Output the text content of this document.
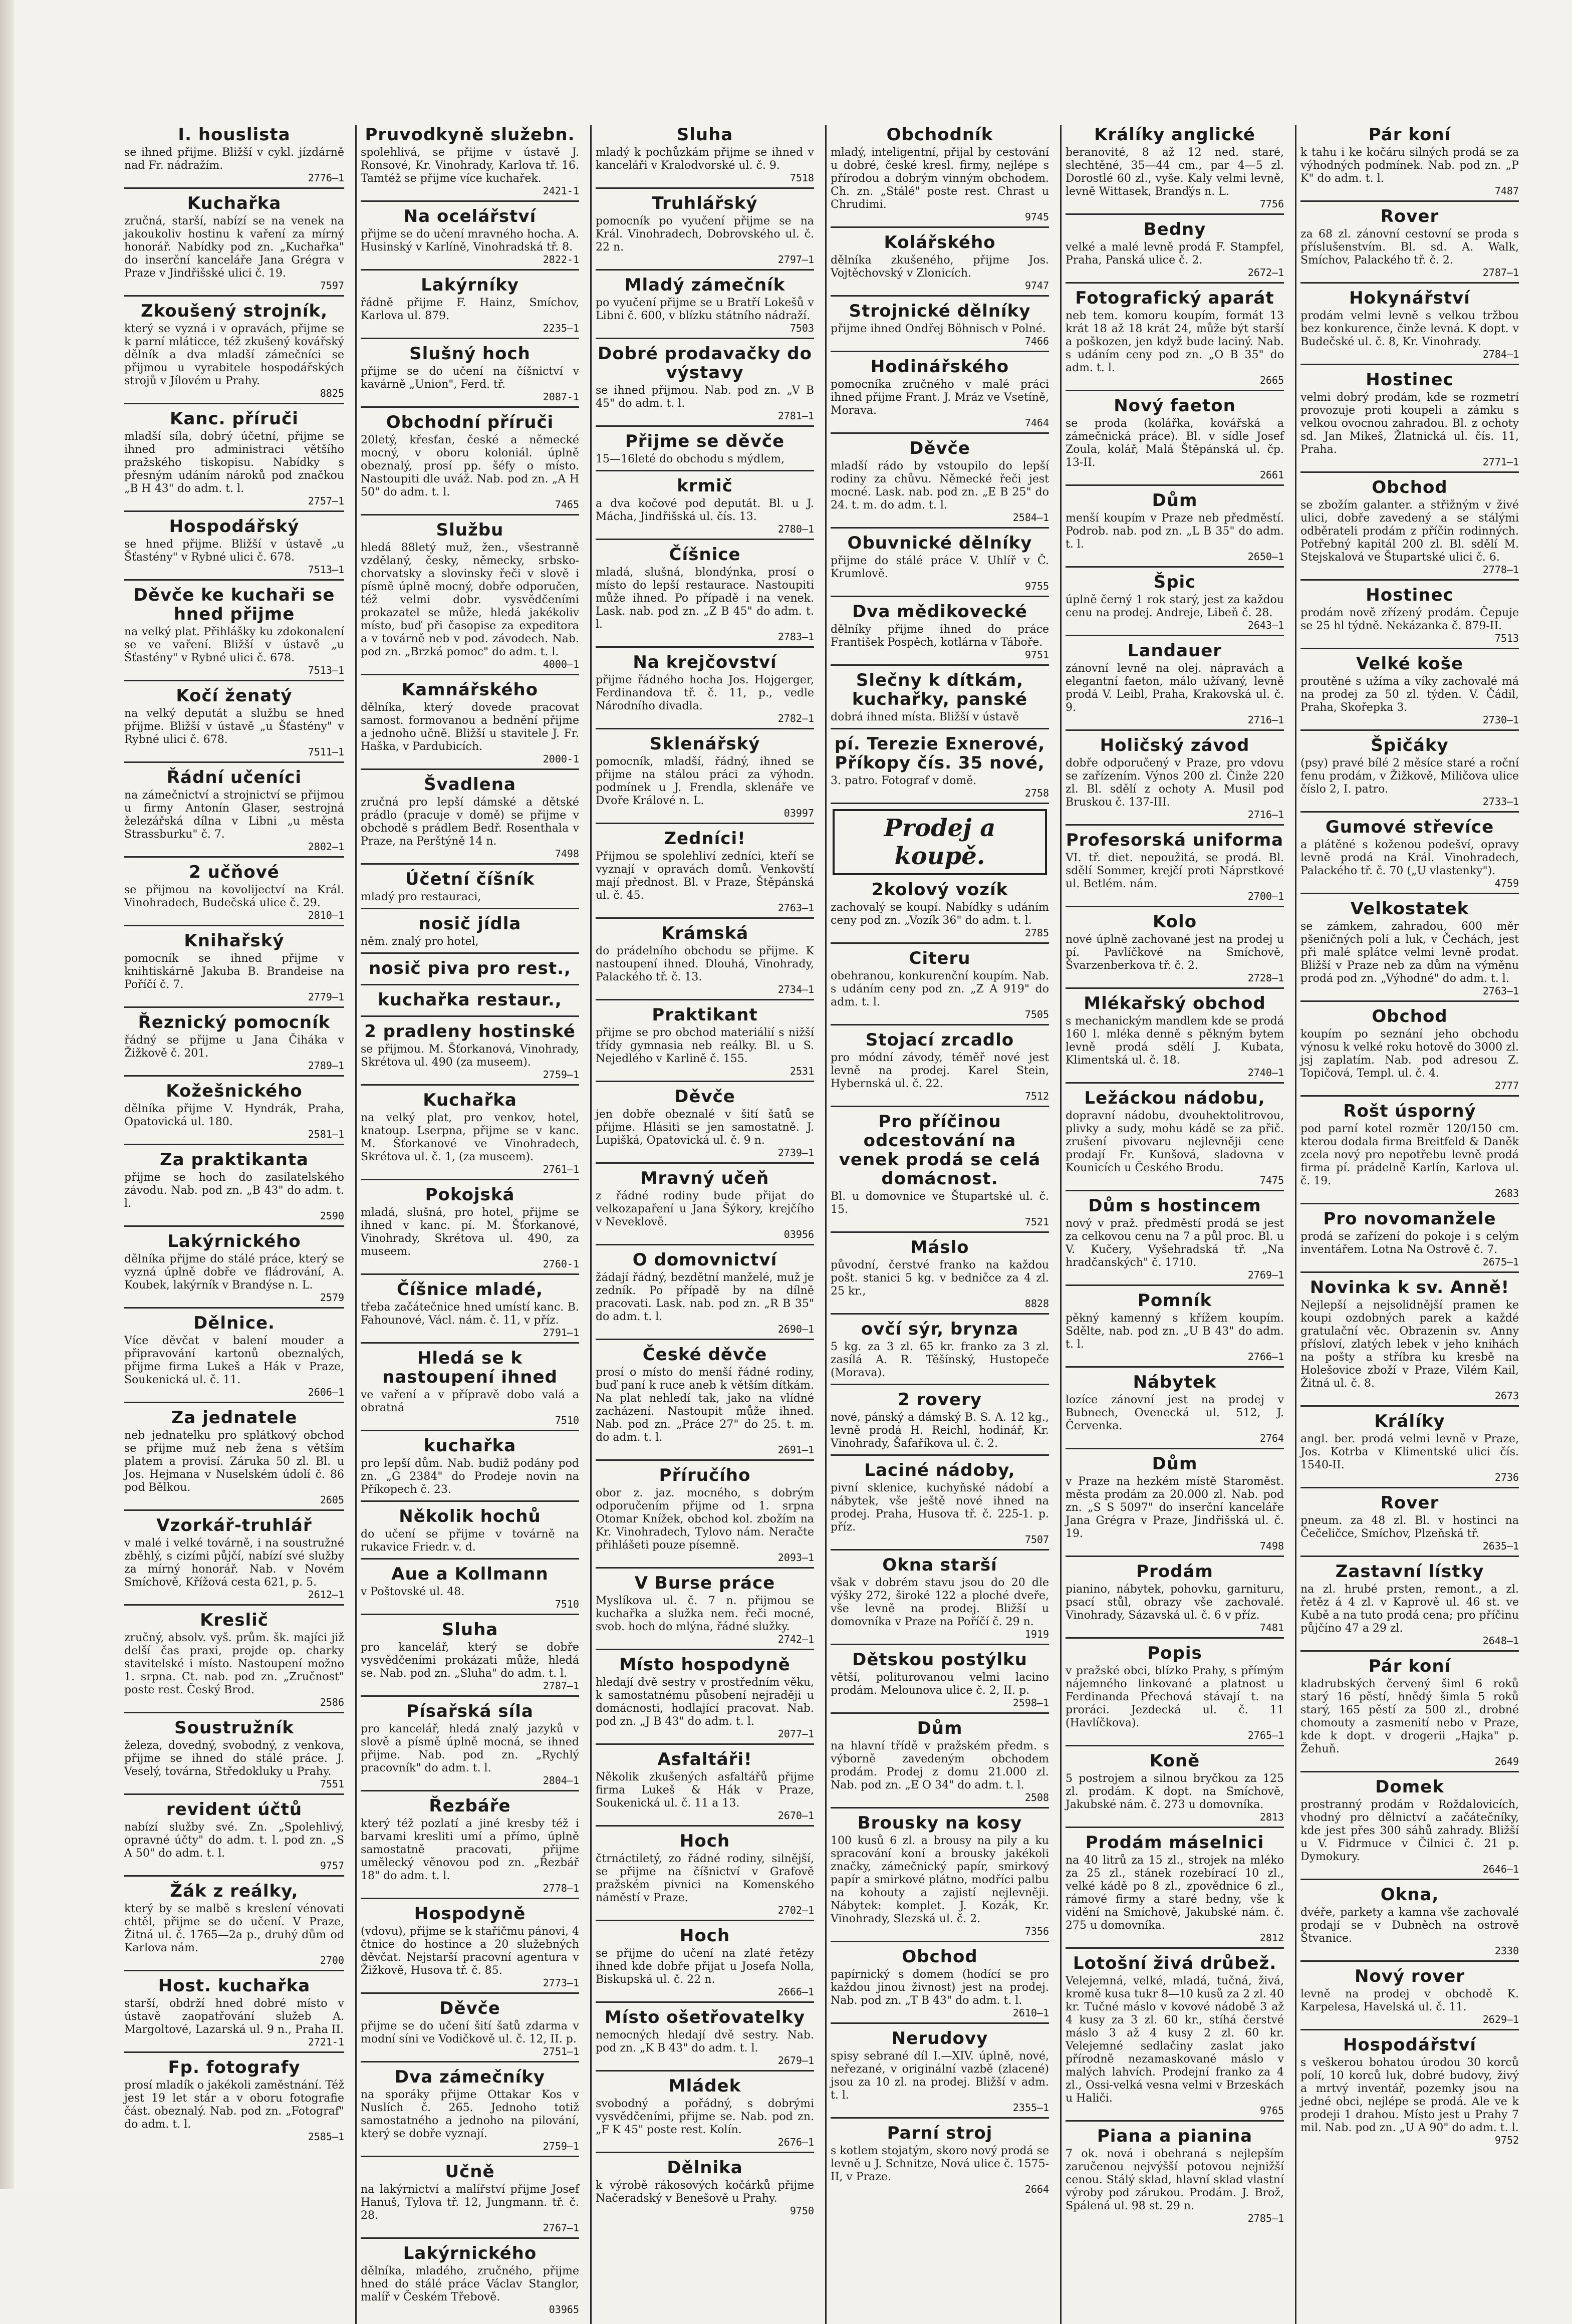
I. houslista

se ihned přijme. Bližší v cykl. jízdárně nad Fr. nádražím.

2776—1
Kuchařka

zručná, starší, nabízí se na venek na jakoukoliv hostinu k vaření za mírný honorář. Nabídky pod zn. „Kuchařka" do inserční kanceláře Jana Grégra v Praze v Jindřišské ulici č. 19.

7597
Zkoušený strojník,

který se vyzná i v opravách, přijme se k parní mláticce, též zkušený kovářský dělník a dva mladší zámečníci se přijmou u vyrabitele hospodářských strojů v Jílovém u Prahy.

8825
Kanc. příruči

mladší síla, dobrý účetní, přijme se ihned pro administraci většího pražského tiskopisu. Nabídky s přesným udáním nároků pod značkou „B H 43" do adm. t. l.

2757—1
Hospodářský

se hned přijme. Bližší v ústavě „u Šťastény" v Rybné ulici č. 678.

7513—1
Děvče ke kuchaři se hned přijme

na velký plat. Přihlášky ku zdokonalení se ve vaření. Bližší v ústavě „u Šťastény" v Rybné ulici č. 678.

7513—1
Kočí ženatý

na velký deputát a službu se hned přijme. Bližší v ústavě „u Šťastény" v Rybné ulici č. 678.

7511—1
Řádní učeníci

na zámečnictví a strojnictví se přijmou u firmy Antonín Glaser, sestrojná železářská dílna v Libni „u města Strassburku" č. 7.

2802—1
2 učňové

se přijmou na kovolijectví na Král. Vinohradech, Budečská ulice č. 29.

2810—1
Knihařský

pomocník se ihned přijme v knihtiskárně Jakuba B. Brandeise na Poříčí č. 7.

2779—1
Řeznický pomocník

řádný se přijme u Jana Čiháka v Žižkově č. 201.

2789—1
Kožešnického

dělníka přijme V. Hyndrák, Praha, Opatovická ul. 180.

2581—1
Za praktikanta

přijme se hoch do zasilatelského závodu. Nab. pod zn. „B 43" do adm. t. l.

2590
Lakýrnického

dělníka přijme do stálé práce, který se vyzná úplně dobře ve fládrování, A. Koubek, lakýrník v Brandýse n. L.

2579
Dělnice.

Více děvčat v balení mouder a připravování kartonů obeznalých, přijme firma Lukeš a Hák v Praze, Soukenická ul. č. 11.

2606—1
Za jednatele

neb jednatelku pro splátkový obchod se přijme muž neb žena s větším platem a provisí. Záruka 50 zl. Bl. u Jos. Hejmana v Nuselském údolí č. 86 pod Bělkou.

2605
Vzorkář-truhlář

v malé i velké továrně, i na soustružné zběhlý, s cizími půjčí, nabízí své služby za mírný honorář. Nab. v Novém Smíchově, Křížová cesta 621, p. 5.

2612—1
Kreslič

zručný, absolv. vyš. prům. šk. majíci již delší čas praxi, projde op. charky stavitelské i místo. Nastoupení možno 1. srpna. Ct. nab. pod zn. „Zručnost" poste rest. Český Brod.

2586
Soustružník

železa, dovedný, svobodný, z venkova, přijme se ihned do stálé práce. J. Veselý, továrna, Středokluky u Prahy.

7551
revident účtů

nabízí služby své. Zn. „Spolehlivý, opravné účty" do adm. t. l. pod zn. „S A 50" do adm. t. l.

9757
Žák z reálky,

který by se malbě s kreslení vénovati chtěl, přijme se do učení. V Praze, Žitná ul. č. 1765—2a p., druhý dům od Karlova nám.

2700
Host. kuchařka

starší, obdrží hned dobré místo v ústavě zaopatřování služeb A. Margoltové, Lazarská ul. 9 n., Praha II.

2721-1
Fp. fotografy

prosí mladík o jakékoli zaměstnání. Též jest 19 let stár a v oboru fotografie část. obeznalý. Nab. pod zn. „Fotograf" do adm. t. l.

2585—1
Pruvodkyně služebn.

spolehlivá, se přijme v ústavě J. Ronsové, Kr. Vinohrady, Karlova tř. 16. Tamtéž se přijme více kuchařek.

2421-1
Na ocelářství

přijme se do učení mravného hocha. A. Husinský v Karlíně, Vinohradská tř. 8.

2822-1
Lakýrníky

řádně přijme F. Hainz, Smíchov, Karlova ul. 879.

2235—1
Slušný hoch

přijme se do učení na číšnictví v kavárně „Union", Ferd. tř.

2087-1
Obchodní příruči

20letý, křesťan, české a německé mocný, v oboru koloniál. úplně obeznalý, prosí pp. šéfy o místo. Nastoupiti dle uváž. Nab. pod zn. „A H 50" do adm. t. l.

7465
Službu

hledá 88letý muž, žen., všestranně vzdělaný, česky, německy, srbsko-chorvatsky a slovinsky řeči v slově i písmě úplně mocný, dobře odporučen, též velmi dobr. vysvědčeními prokazatel se může, hledá jakékoliv místo, buď při časopise za expeditora a v továrně neb v pod. závodech. Nab. pod zn. „Brzká pomoc" do adm. t. l.

4000—1
Kamnářského

dělníka, který dovede pracovat samost. formovanou a bednění přijme a jednoho učně. Bližší u stavitele J. Fr. Haška, v Pardubicích.

2000-1
Švadlena

zručná pro lepší dámské a dětské prádlo (pracuje v domě) se přijme v obchodě s prádlem Bedř. Rosenthala v Praze, na Perštýně 14 n.

7498
Účetní číšník

mladý pro restauraci,

nosič jídla

něm. znalý pro hotel,

nosič piva pro rest.,
kuchařka restaur.,
2 pradleny hostinské

se přijmou. M. Šťorkanová, Vinohrady, Skrétova ul. 490 (za museem).

2759—1
Kuchařka

na velký plat, pro venkov, hotel, knatoup. Lserpna, přijme se v kanc. M. Šťorkanové ve Vinohradech, Skrétova ul. č. 1, (za museem).

2761—1
Pokojská

mladá, slušná, pro hotel, přijme se ihned v kanc. pí. M. Šťorkanové, Vinohrady, Skrétova ul. 490, za museem.

2760-1
Číšnice mladé,

třeba začátečnice hned umístí kanc. B. Fahounové, Václ. nám. č. 11, v příz.

2791—1
Hledá se k nastoupení ihned

ve vaření a v přípravě dobo valá a obratná

7510
kuchařka

pro lepší dům. Nab. budiž podány pod zn. „G 2384" do Prodeje novin na Příkopech č. 23.

Několik hochů

do učení se přijme v továrně na rukavice Friedr. v. d.

Aue a Kollmann

v Poštovské ul. 48.

7510
Sluha

pro kancelář, který se dobře vysvědčeními prokázati může, hledá se. Nab. pod zn. „Sluha" do adm. t. l.

2787—1
Písařská síla

pro kancelář, hledá znalý jazyků v slově a písmě úplně mocná, se ihned přijme. Nab. pod zn. „Rychlý pracovník" do adm. t. l.

2804—1
Řezbáře

který též pozlatí a jiné kresby též i barvami kresliti umí a přímo, úplně samostatně pracovati, přijme umělecký věnovou pod zn. „Řezbář 18" do adm. t. l.

2778—1
Hospodyně

(vdovu), přijme se k stařičmu pánovi, 4 čtnice do hostince a 20 služebných děvčat. Nejstarší pracovní agentura v Žižkově, Husova tř. č. 85.

2773—1
Děvče

přijme se do učení šití šatů zdarma v modní síni ve Vodičkově ul. č. 12, II. p.

2751—1
Dva zámečníky

na sporáky přijme Ottakar Kos v Nuslích č. 265. Jednoho totiž samostatného a jednoho na pilování, který se dobře vyznají.

2759—1
Učně

na lakýrnictví a malířství přijme Josef Hanuš, Tylova tř. 12, Jungmann. tř. č. 28.

2767—1
Lakýrnického

dělníka, mladého, zručného, přijme hned do stálé práce Václav Stanglor, malíř v Českém Třebově.

03965
Sluha

mladý k pochůzkám přijme se ihned v kanceláři v Kralodvorské ul. č. 9.

7518
Truhlářský

pomocník po vyučení přijme se na Král. Vinohradech, Dobrovského ul. č. 22 n.

2797—1
Mladý zámečník

po vyučení přijme se u Bratří Lokešů v Libni č. 600, v blízku státního nádraží.

7503
Dobré prodavačky do výstavy

se ihned přijmou. Nab. pod zn. „V B 45" do adm. t. l.

2781—1
Přijme se děvče

15—16leté do obchodu s mýdlem,

krmič

a dva kočové pod deputát. Bl. u J. Mácha, Jindřišská ul. čís. 13.

2780—1
Číšnice

mladá, slušná, blondýnka, prosí o místo do lepší restaurace. Nastoupiti může ihned. Po případě i na venek. Lask. nab. pod zn. „Z B 45" do adm. t. l.

2783—1
Na krejčovství

přijme řádného hocha Jos. Hojgerger, Ferdinandova tř. č. 11, p., vedle Národního divadla.

2782—1
Sklenářský

pomocník, mladší, řádný, ihned se přijme na stálou práci za výhodn. podmínek u J. Frendla, sklenáře ve Dvoře Králové n. L.

03997
Zedníci!

Přijmou se spolehliví zedníci, kteří se vyznají v opravách domů. Venkovští mají přednost. Bl. v Praze, Štěpánská ul. č. 45.

2763—1
Krámská

do prádelního obchodu se přijme. K nastoupení ihned. Dlouhá, Vinohrady, Palackého tř. č. 13.

2734—1
Praktikant

přijme se pro obchod materiálií s nižší třídy gymnasia neb reálky. Bl. u S. Nejedlého v Karlině č. 155.

2531
Děvče

jen dobře obeznalé v šití šatů se přijme. Hlásiti se jen samostatně. J. Lupišká, Opatovická ul. č. 9 n.

2739—1
Mravný učeň

z řádné rodiny bude přijat do velkozapaření u Jana Šýkory, krejčího v Neveklově.

03956
O domovnictví

žádají řádný, bezdětní manželé, muž je zedník. Po případě by na dílně pracovati. Lask. nab. pod zn. „R B 35" do adm. t. l.

2690—1
České děvče

prosí o místo do menší řádné rodiny, buď paní k ruce aneb k větším dítkám. Na plat nehledí tak, jako na vlídné zacházení. Nastoupit může ihned. Nab. pod zn. „Práce 27" do 25. t. m. do adm. t. l.

2691—1
Příručího

obor z. jaz. mocného, s dobrým odporučením přijme od 1. srpna Otomar Knížek, obchod kol. zbožím na Kr. Vinohradech, Tylovo nám. Neračte přihlášeti pouze písemně.

2093—1
V Burse práce

Myslíkova ul. č. 7 n. přijmou se kuchařka a služka nem. řeči mocné, svob. hoch do mlýna, řádné služky.

2742—1
Místo hospodyně

hledají dvě sestry v prostředním věku, k samostatnému působení nejraději u domácnosti, hodlající pracovat. Nab. pod zn. „J B 43" do adm. t. l.

2077—1
Asfaltáři!

Několik zkušených asfaltářů přijme firma Lukeš & Hák v Praze, Soukenická ul. č. 11 a 13.

2670—1
Hoch

čtrnáctiletý, zo řádné rodiny, silnější, se přijme na číšnictví v Grafově pražském pivnici na Komenského náměstí v Praze.

2702—1
Hoch

se přijme do učení na zlaté řetězy ihned kde dobře přijat u Josefa Nolla, Biskupská ul. č. 22 n.

2666—1
Místo ošetřovatelky

nemocných hledají dvě sestry. Nab. pod zn. „K B 43" do adm. t. l.

2679—1
Mládek

svobodný a pořádný, s dobrými vysvědčeními, přijme se. Nab. pod zn. „F K 45" poste rest. Kolín.

2676—1
Dělnika

k výrobě rákosových kočárků přijme Načeradský v Benešově u Prahy.

9750
Obchodník

mladý, inteligentní, přijal by cestování u dobré, české kresl. firmy, nejlépe s přírodou a dobrým vinným obchodem. Ch. zn. „Stálé" poste rest. Chrast u Chrudimi.

9745
Kolářského

dělníka zkušeného, přijme Jos. Vojtěchovský v Zlonicích.

9747
Strojnické dělníky

přijme ihned Ondřej Böhnisch v Polné.

7466
Hodinářského

pomocníka zručného v malé práci ihned přijme Frant. J. Mráz ve Vsetíně, Morava.

7464
Děvče

mladší rádo by vstoupilo do lepší rodiny za chůvu. Německé řeči jest mocné. Lask. nab. pod zn. „E B 25" do 24. t. m. do adm. t. l.

2584—1
Obuvnické dělníky

přijme do stálé práce V. Uhlíř v Č. Krumlově.

9755
Dva mědikovecké

dělníky přijme ihned do práce František Pospěch, kotlárna v Táboře.

9751
Slečny k dítkám, kuchařky, panské

dobrá ihned místa. Bližší v ústavě

pí. Terezie Exnerové, Příkopy čís. 35 nové,

3. patro. Fotograf v domě.

2758
Prodej a koupě.
2kolový vozík

zachovalý se koupí. Nabídky s udáním ceny pod zn. „Vozík 36" do adm. t. l.

2785
Citeru

obehranou, konkurenční koupím. Nab. s udáním ceny pod zn. „Z A 919" do adm. t. l.

7505
Stojací zrcadlo

pro módní závody, téměř nové jest levně na prodej. Karel Stein, Hybernská ul. č. 22.

7512
Pro příčinou odcestování na venek prodá se celá domácnost.

Bl. u domovnice ve Štupartské ul. č. 15.

7521
Máslo

původní, čerstvé franko na každou pošt. stanici 5 kg. v bedničce za 4 zl. 25 kr.,

8828
ovčí sýr, brynza

5 kg. za 3 zl. 65 kr. franko za 3 zl. zasílá A. R. Těšínský, Hustopeče (Morava).

2 rovery

nové, pánský a dámský B. S. A. 12 kg., levně prodá H. Reichl, hodinář, Kr. Vinohrady, Šafaříkova ul. č. 2.

Laciné nádoby,

pivní sklenice, kuchyňské nádobí a nábytek, vše ještě nové ihned na prodej. Praha, Husova tř. č. 225-1. p. příz.

7507
Okna starší

však v dobrém stavu jsou do 20 dle výšky 272, široké 122 a ploché dveře, vše levně na prodej. Bližší u domovníka v Praze na Poříčí č. 29 n.

1919
Dětskou postýlku

větší, politurovanou velmi lacino prodám. Melounova ulice č. 2, II. p.

2598—1
Dům

na hlavní třídě v pražském předm. s výborně zavedeným obchodem prodám. Prodej z domu 21.000 zl. Nab. pod zn. „E O 34" do adm. t. l.

2508
Brousky na kosy

100 kusů 6 zl. a brousy na pily a ku spracování koní a brousky jakékoli značky, zámečnický papír, smirkový papír a smirkové plátno, modříci palbu na kohouty a zajistí nejlevněji. Nábytek: komplet. J. Kozák, Kr. Vinohrady, Slezská ul. č. 2.

7356
Obchod

papírnický s domem (hodící se pro každou jinou živnost) jest na prodej. Nab. pod zn. „T B 43" do adm. t. l.

2610—1
Nerudovy

spisy sebrané díl I.—XIV. úplně, nové, neřezané, v originální vazbě (zlacené) jsou za 10 zl. na prodej. Bližší v adm. t. l.

2355—1
Parní stroj

s kotlem stojatým, skoro nový prodá se levně u J. Schnitze, Nová ulice č. 1575-II, v Praze.

2664
Králíky anglické

beranovité, 8 až 12 ned. staré, slechtěné, 35—44 cm., par 4—5 zl. Dorostlé 60 zl., vyše. Kaly velmi levně, levně Wittasek, Branďýs n. L.

7756
Bedny

velké a malé levně prodá F. Stampfel, Praha, Panská ulice č. 2.

2672—1
Fotografický aparát

neb tem. komoru koupím, formát 13 krát 18 až 18 krát 24, může být starší a poškozen, jen když bude laciný. Nab. s udáním ceny pod zn. „O B 35" do adm. t. l.

2665
Nový faeton

se proda (kolářka, kovářská a zámečnická práce). Bl. v sídle Josef Zoula, kolář, Malá Štěpánská ul. čp. 13-II.

2661
Dům

menší koupím v Praze neb předměstí. Podrob. nab. pod zn. „L B 35" do adm. t. l.

2650—1
Špic

úplně černý 1 rok starý, jest za každou cenu na prodej. Andreje, Libeň č. 28.

2643—1
Landauer

zánovní levně na olej. nápravách a elegantní faeton, málo užívaný, levně prodá V. Leibl, Praha, Krakovská ul. č. 9.

2716—1
Holičský závod

dobře odporučený v Praze, pro vdovu se zařízením. Výnos 200 zl. Činže 220 zl. Bl. sdělí z ochoty A. Musil pod Bruskou č. 137-III.

2716—1
Profesorská uniforma

VI. tř. diet. nepoužitá, se prodá. Bl. sdělí Sommer, krejčí proti Náprstkové ul. Betlém. nám.

2700—1
Kolo

nové úplně zachované jest na prodej u pí. Pavlíčkové na Smíchově, Švarzenberkova tř. č. 2.

2728—1
Mlékařský obchod

s mechanickým mandlem kde se prodá 160 l. mléka denně s pěkným bytem levně prodá sdělí J. Kubata, Klimentská ul. č. 18.

2740—1
Ležáckou nádobu,

dopravní nádobu, dvouhektolitrovou, plivky a sudy, mohu kádě se za přič. zrušení pivovaru nejlevněji cene prodají Fr. Kunšová, sladovna v Kounicích u Českého Brodu.

7475
Dům s hostincem

nový v praž. předměstí prodá se jest za celkovou cenu na 7 a půl proc. Bl. u V. Kučery, Vyšehradská tř. „Na hradčanských" č. 1710.

2769—1
Pomník

pěkný kamenný s křížem koupím. Sdělte, nab. pod zn. „U B 43" do adm. t. l.

2766—1
Nábytek

lozíce zánovní jest na prodej v Bubnech, Ovenecká ul. 512, J. Červenka.

2764
Dům

v Praze na hezkém místě Staroměst. města prodám za 20.000 zl. Nab. pod zn. „S S 5097" do inserční kanceláře Jana Grégra v Praze, Jindřišská ul. č. 19.

7498
Prodám

pianino, nábytek, pohovku, garnituru, psací stůl, obrazy vše zachovalé. Vinohrady, Sázavská ul. č. 6 v příz.

7481
Popis

v pražské obci, blízko Prahy, s přímým nájemného linkované a platnost u Ferdinanda Přechová stávají t. na proráci. Jezdecká ul. č. 11 (Havlíčkova).

2765—1
Koně

5 postrojem a silnou bryčkou za 125 zl. prodám. K dopt. na Smíchově, Jakubské nám. č. 273 u domovníka.

2813
Prodám máselnici

na 40 litrů za 15 zl., strojek na mléko za 25 zl., stánek rozebírací 10 zl., velké kádě po 8 zl., zpovědnice 6 zl., rámové firmy a staré bedny, vše k vidění na Smíchově, Jakubské nám. č. 275 u domovníka.

2812
Lotošní živá drůbež.

Velejemná, velké, mladá, tučná, živá, kromě kusa tukr 8—10 kusů za 2 zl. 40 kr. Tučné máslo v kovové nádobě 3 až 4 kusy za 3 zl. 60 kr., stíhá čerstvé máslo 3 až 4 kusy 2 zl. 60 kr. Velejemné sedlačiny zaslat jako přírodně nezamaskované máslo v malých lahvích. Prodejní franko za 4 zl., Ossi-velká vesna velmi v Brzeskách u Haliči.

9765
Piana a pianina

7 ok. nová i obehraná s nejlepším zaručenou nejvýšší potovou nejnižší cenou. Stálý sklad, hlavní sklad vlastní výroby pod zárukou. Prodám. J. Brož, Spálená ul. 98 st. 29 n.

2785—1
Pár koní

k tahu i ke kočáru silných prodá se za výhodných podmínek. Nab. pod zn. „P K" do adm. t. l.

7487
Rover

za 68 zl. zánovní cestovní se proda s příslušenstvím. Bl. sd. A. Walk, Smíchov, Palackého tř. č. 2.

2787—1
Hokynářství

prodám velmi levně s velkou tržbou bez konkurence, činže levná. K dopt. v Budečské ul. č. 8, Kr. Vinohrady.

2784—1
Hostinec

velmi dobrý prodám, kde se rozmetrí provozuje proti koupeli a zámku s velkou ovocnou zahradou. Bl. z ochoty sd. Jan Mikeš, Žlatnická ul. čís. 11, Praha.

2771—1
Obchod

se zbožím galanter. a střižným v živé ulici, dobře zavedený a se stálými odběrateli prodám z příčin rodinných. Potřebný kapitál 200 zl. Bl. sdělí M. Stejskalová ve Štupartské ulici č. 6.

2778—1
Hostinec

prodám nově zřízený prodám. Čepuje se 25 hl týdně. Nekázanka č. 879-II.

7513
Velké koše

proutěné s užíma a víky zachovalé má na prodej za 50 zl. týden. V. Čádil, Praha, Skořepka 3.

2730—1
Špičáky

(psy) pravé bílé 2 měsíce staré a roční fenu prodám, v Žižkově, Miličova ulice číslo 2, I. patro.

2733—1
Gumové střevíce

a plátěné s koženou podešví, opravy levně prodá na Král. Vinohradech, Palackého tř. č. 70 („U vlastenky").

4759
Velkostatek

se zámkem, zahradou, 600 měr pšeničných polí a luk, v Čechách, jest při malé splátce velmi levně prodat. Bližší v Praze neb za dům na výměnu prodá pod zn. „Výhodné" do adm. t. l.

2763—1
Obchod

koupím po seznání jeho obchodu výnosu k velké roku hotově do 3000 zl. jsj zaplatím. Nab. pod adresou Z. Topičová, Templ. ul. č. 4.

2777
Rošt úsporný

pod parní kotel rozměr 120/150 cm. kterou dodala firma Breitfeld & Daněk zcela nový pro nepotřebu levně prodá firma pí. prádelně Karlín, Karlova ul. č. 19.

2683
Pro novomanžele

prodá se zařízení do pokoje i s celým inventářem. Lotna Na Ostrově č. 7.

2675—1
Novinka k sv. Anně!

Nejlepší a nejsolidnější pramen ke koupi ozdobných parek a každé gratulační věc. Obrazenin sv. Anny přísloví, zlatých lebek v jeho knihách na pošty a stříbra ku kresbě na Holešovice zboží v Praze, Vilém Kail, Žitná ul. č. 8.

2673
Králíky

angl. ber. prodá velmi levně v Praze, Jos. Kotrba v Klimentské ulici čís. 1540-II.

2736
Rover

pneum. za 48 zl. Bl. v hostinci na Čečeličce, Smíchov, Plzeňská tř.

2635—1
Zastavní lístky

na zl. hrubé prsten, remont., a zl. řetěz á 4 zl. v Kaprově ul. 46 st. ve Kubě a na tuto prodá cena; pro příčinu půjčíno 47 a 29 zl.

2648—1
Pár koní

kladrubských červený šiml 6 roků starý 16 pěstí, hnědý šimla 5 roků starý, 165 pěstí za 500 zl., drobné chomouty a zasmenití nebo v Praze, kde k dopt. v drogerii „Hajka" p. Žehuň.

2649
Domek

prostranný prodám v Roždalovicích, vhodný pro dělnictví a začátečníky, kde jest přes 300 sáhů zahrady. Bližší u V. Fidrmuce v Čilnici č. 21 p. Dymokury.

2646—1
Okna,

dvéře, parkety a kamna vše zachovalé prodají se v Dubněch na ostrově Štvanice.

2330
Nový rover

levně na prodej v obchodě K. Karpelesa, Havelská ul. č. 11.

2629—1
Hospodářství

s veškerou bohatou úrodou 30 korců polí, 10 korců luk, dobré budovy, živý a mrtvý inventář, pozemky jsou na jedné obci, nejlépe se prodá. Ale ve k prodeji 1 drahou. Místo jest u Prahy 7 mil. Nab. pod zn. „U A 90" do adm. t. l.

9752
